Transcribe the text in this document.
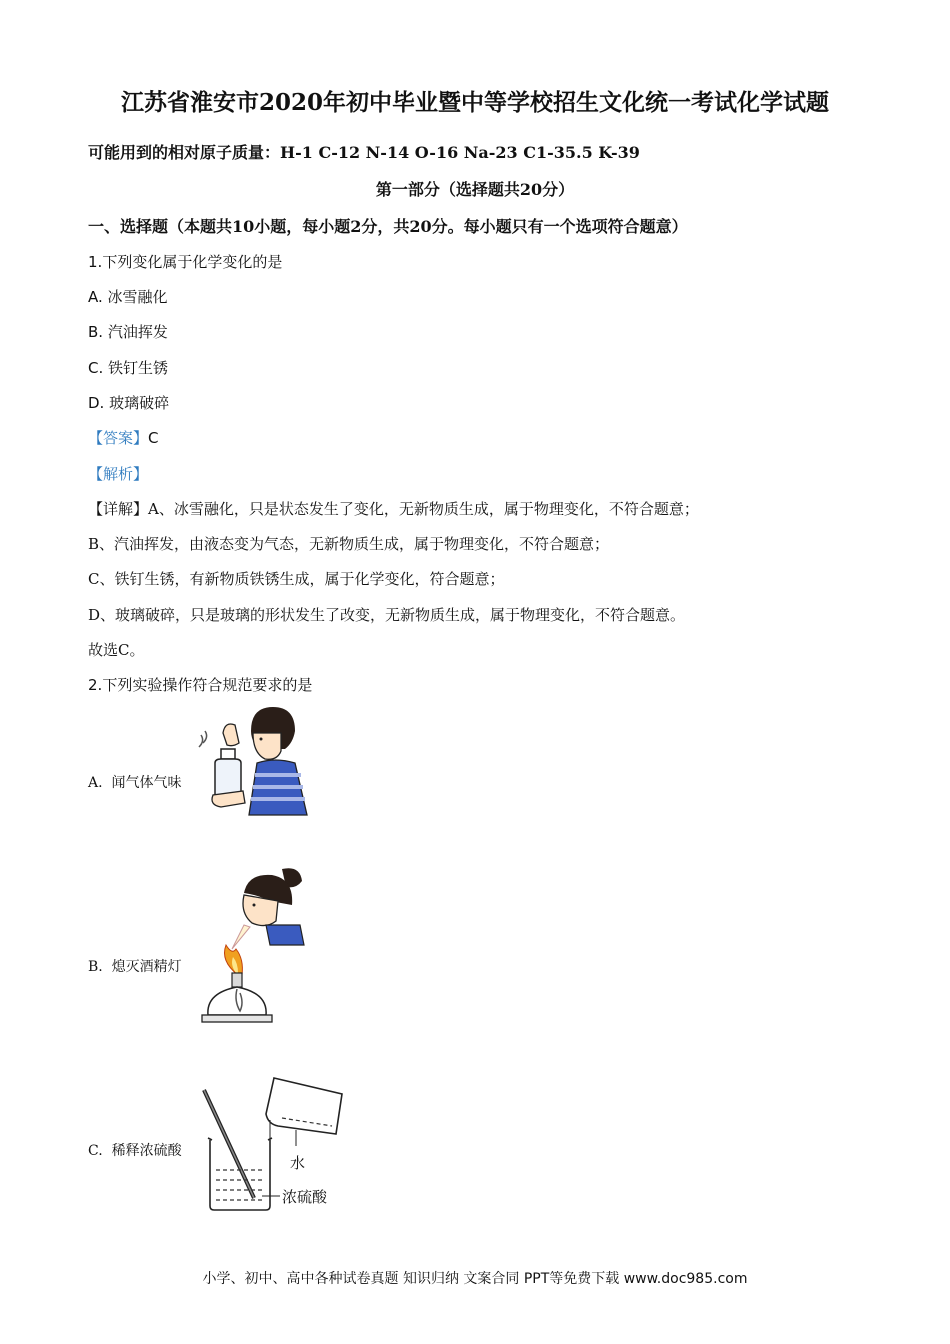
江苏省淮安市2020年初中毕业暨中等学校招生文化统一考试化学试题
可能用到的相对原子质量：H-1 C-12 N-14 O-16 Na-23 C1-35.5 K-39
第一部分（选择题共20分）
一、选择题（本题共10小题，每小题2分，共20分。每小题只有一个选项符合题意）
1.下列变化属于化学变化的是
A. 冰雪融化
B. 汽油挥发
C. 铁钉生锈
D. 玻璃破碎
【答案】C
【解析】
【详解】A、冰雪融化，只是状态发生了变化，无新物质生成，属于物理变化，不符合题意；
B、汽油挥发，由液态变为气态，无新物质生成，属于物理变化，不符合题意；
C、铁钉生锈，有新物质铁锈生成，属于化学变化，符合题意；
D、玻璃破碎，只是玻璃的形状发生了改变，无新物质生成，属于物理变化，不符合题意。
故选C。
2.下列实验操作符合规范要求的是
A. 闻气体气味
B. 熄灭酒精灯
C. 稀释浓硫酸
水
浓硫酸
小学、初中、高中各种试卷真题 知识归纳 文案合同 PPT等免费下载 www.doc985.com
